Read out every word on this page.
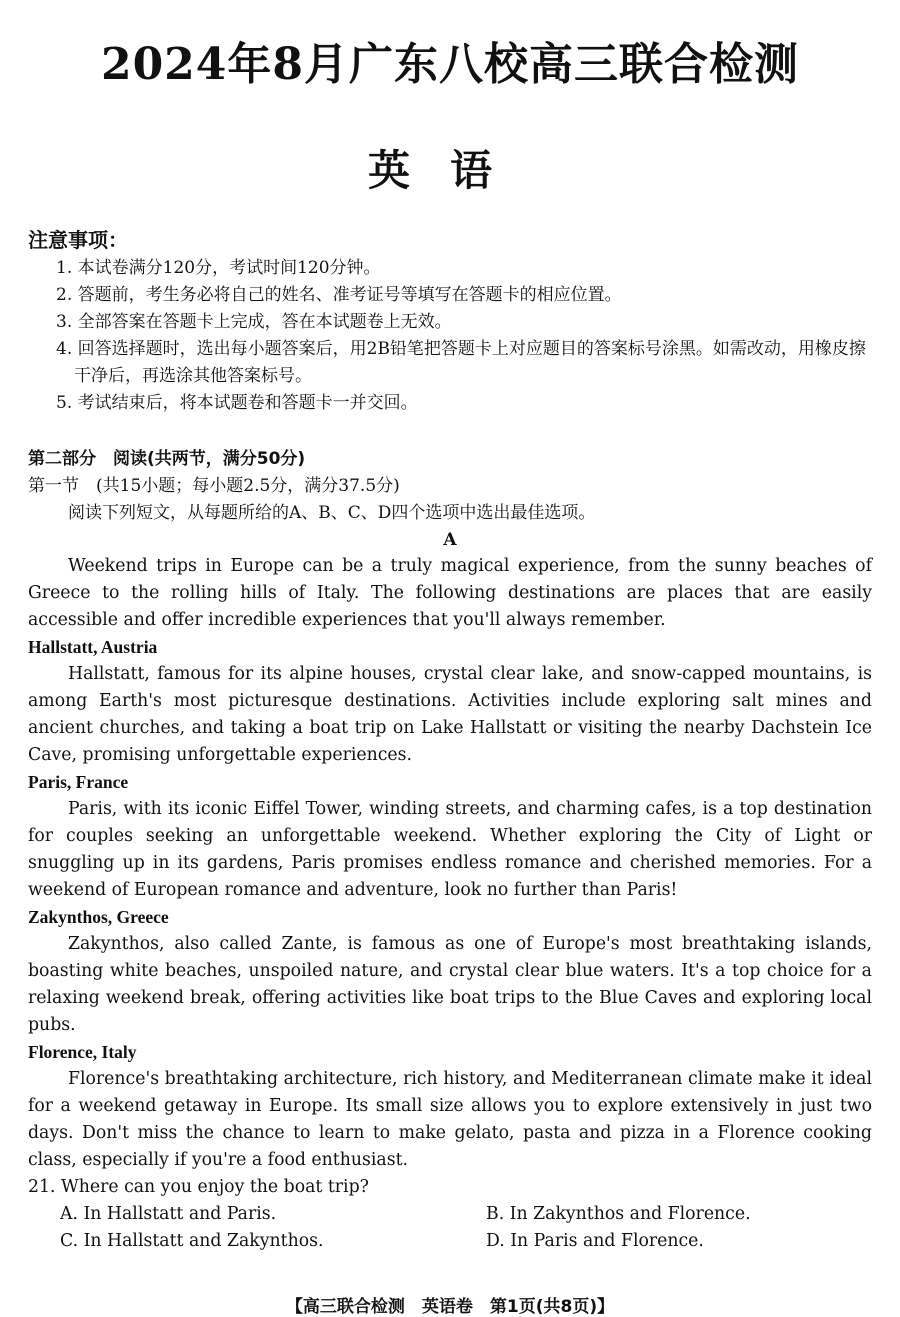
2024年8月广东八校高三联合检测
英语
注意事项：
1. 本试卷满分120分，考试时间120分钟。
2. 答题前，考生务必将自己的姓名、准考证号等填写在答题卡的相应位置。
3. 全部答案在答题卡上完成，答在本试题卷上无效。
4. 回答选择题时，选出每小题答案后，用2B铅笔把答题卡上对应题目的答案标号涂黑。如需改动，用橡皮擦干净后，再选涂其他答案标号。
5. 考试结束后，将本试题卷和答题卡一并交回。
第二部分　 阅读(共两节，满分50分)
第一节　(共15小题；每小题2.5分，满分37.5分)
阅读下列短文，从每题所给的A、B、C、D四个选项中选出最佳选项。
A

Weekend trips in Europe can be a truly magical experience, from the sunny beaches of Greece to the rolling hills of Italy. The following destinations are places that are easily accessible and offer incredible experiences that you'll always remember.

Hallstatt, Austria

Hallstatt, famous for its alpine houses, crystal clear lake, and snow-capped mountains, is among Earth's most picturesque destinations. Activities include exploring salt mines and ancient churches, and taking a boat trip on Lake Hallstatt or visiting the nearby Dachstein Ice Cave, promising unforgettable experiences.

Paris, France

Paris, with its iconic Eiffel Tower, winding streets, and charming cafes, is a top destination for couples seeking an unforgettable weekend. Whether exploring the City of Light or snuggling up in its gardens, Paris promises endless romance and cherished memories. For a weekend of European romance and adventure, look no further than Paris!

Zakynthos, Greece

Zakynthos, also called Zante, is famous as one of Europe's most breathtaking islands, boasting white beaches, unspoiled nature, and crystal clear blue waters. It's a top choice for a relaxing weekend break, offering activities like boat trips to the Blue Caves and exploring local pubs.

Florence, Italy

Florence's breathtaking architecture, rich history, and Mediterranean climate make it ideal for a weekend getaway in Europe. Its small size allows you to explore extensively in just two days. Don't miss the chance to learn to make gelato, pasta and pizza in a Florence cooking class, especially if you're a food enthusiast.

21. Where can you enjoy the boat trip?
A. In Hallstatt and Paris.	B. In Zakynthos and Florence.
C. In Hallstatt and Zakynthos.	D. In Paris and Florence.
【高三联合检测　英语卷　第1页(共8页)】
